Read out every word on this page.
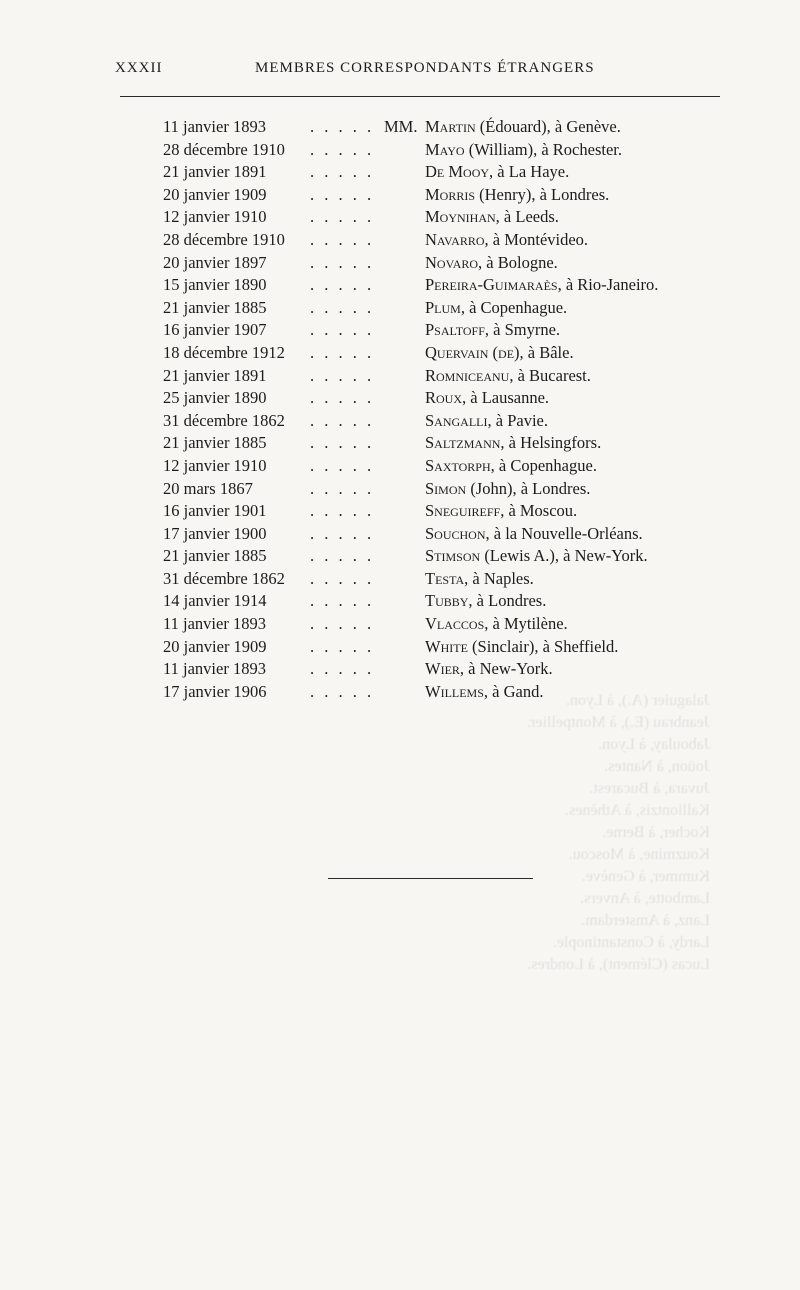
Jalaguier (A.), à Lyon.
Jeanbrau (E.), à Montpellier.
Jaboulay, à Lyon.
Joüon, à Nantes.
Juvara, à Bucarest.
Kalliontzis, à Athènes.
Kocher, à Berne.
Kouzmine, à Moscou.
Kummer, à Genève.
Lambotte, à Anvers.
Lanz, à Amsterdam.
Lardy, à Constantinople.
Lucas (Clément), à Londres.
XXXII	MEMBRES CORRESPONDANTS ÉTRANGERS
11 janvier 1893	. . . . . MM. Martin (Édouard), à Genève.
28 décembre 1910 . . . . .	Mayo (William), à Rochester.
21 janvier 1891	. . . . .	De Mooy, à La Haye.
20 janvier 1909	. . . . .	Morris (Henry), à Londres.
12 janvier 1910	. . . . .	Moynihan, à Leeds.
28 décembre 1910 . . . . .	Navarro, à Montévideo.
20 janvier 1897	. . . . .	Novaro, à Bologne.
15 janvier 1890	. . . . .	Pereira-Guimaraès, à Rio-Janeiro.
21 janvier 1885	. . . . .	Plum, à Copenhague.
16 janvier 1907	. . . . .	Psaltoff, à Smyrne.
18 décembre 1912 . . . . .	Quervain (de), à Bâle.
21 janvier 1891	. . . . .	Romniceanu, à Bucarest.
25 janvier 1890	. . . . .	Roux, à Lausanne.
31 décembre 1862 . . . . .	Sangalli, à Pavie.
21 janvier 1885	. . . . .	Saltzmann, à Helsingfors.
12 janvier 1910	. . . . .	Saxtorph, à Copenhague.
20 mars 1867	. . . . .	Simon (John), à Londres.
16 janvier 1901	. . . . .	Sneguireff, à Moscou.
17 janvier 1900	. . . . .	Souchon, à la Nouvelle-Orléans.
21 janvier 1885	. . . . .	Stimson (Lewis A.), à New-York.
31 décembre 1862 . . . . .	Testa, à Naples.
14 janvier 1914	. . . . .	Tubby, à Londres.
11 janvier 1893	. . . . .	Vlaccos, à Mytilène.
20 janvier 1909	. . . . .	White (Sinclair), à Sheffield.
11 janvier 1893	. . . . .	Wier, à New-York.
17 janvier 1906	. . . . .	Willems, à Gand.
